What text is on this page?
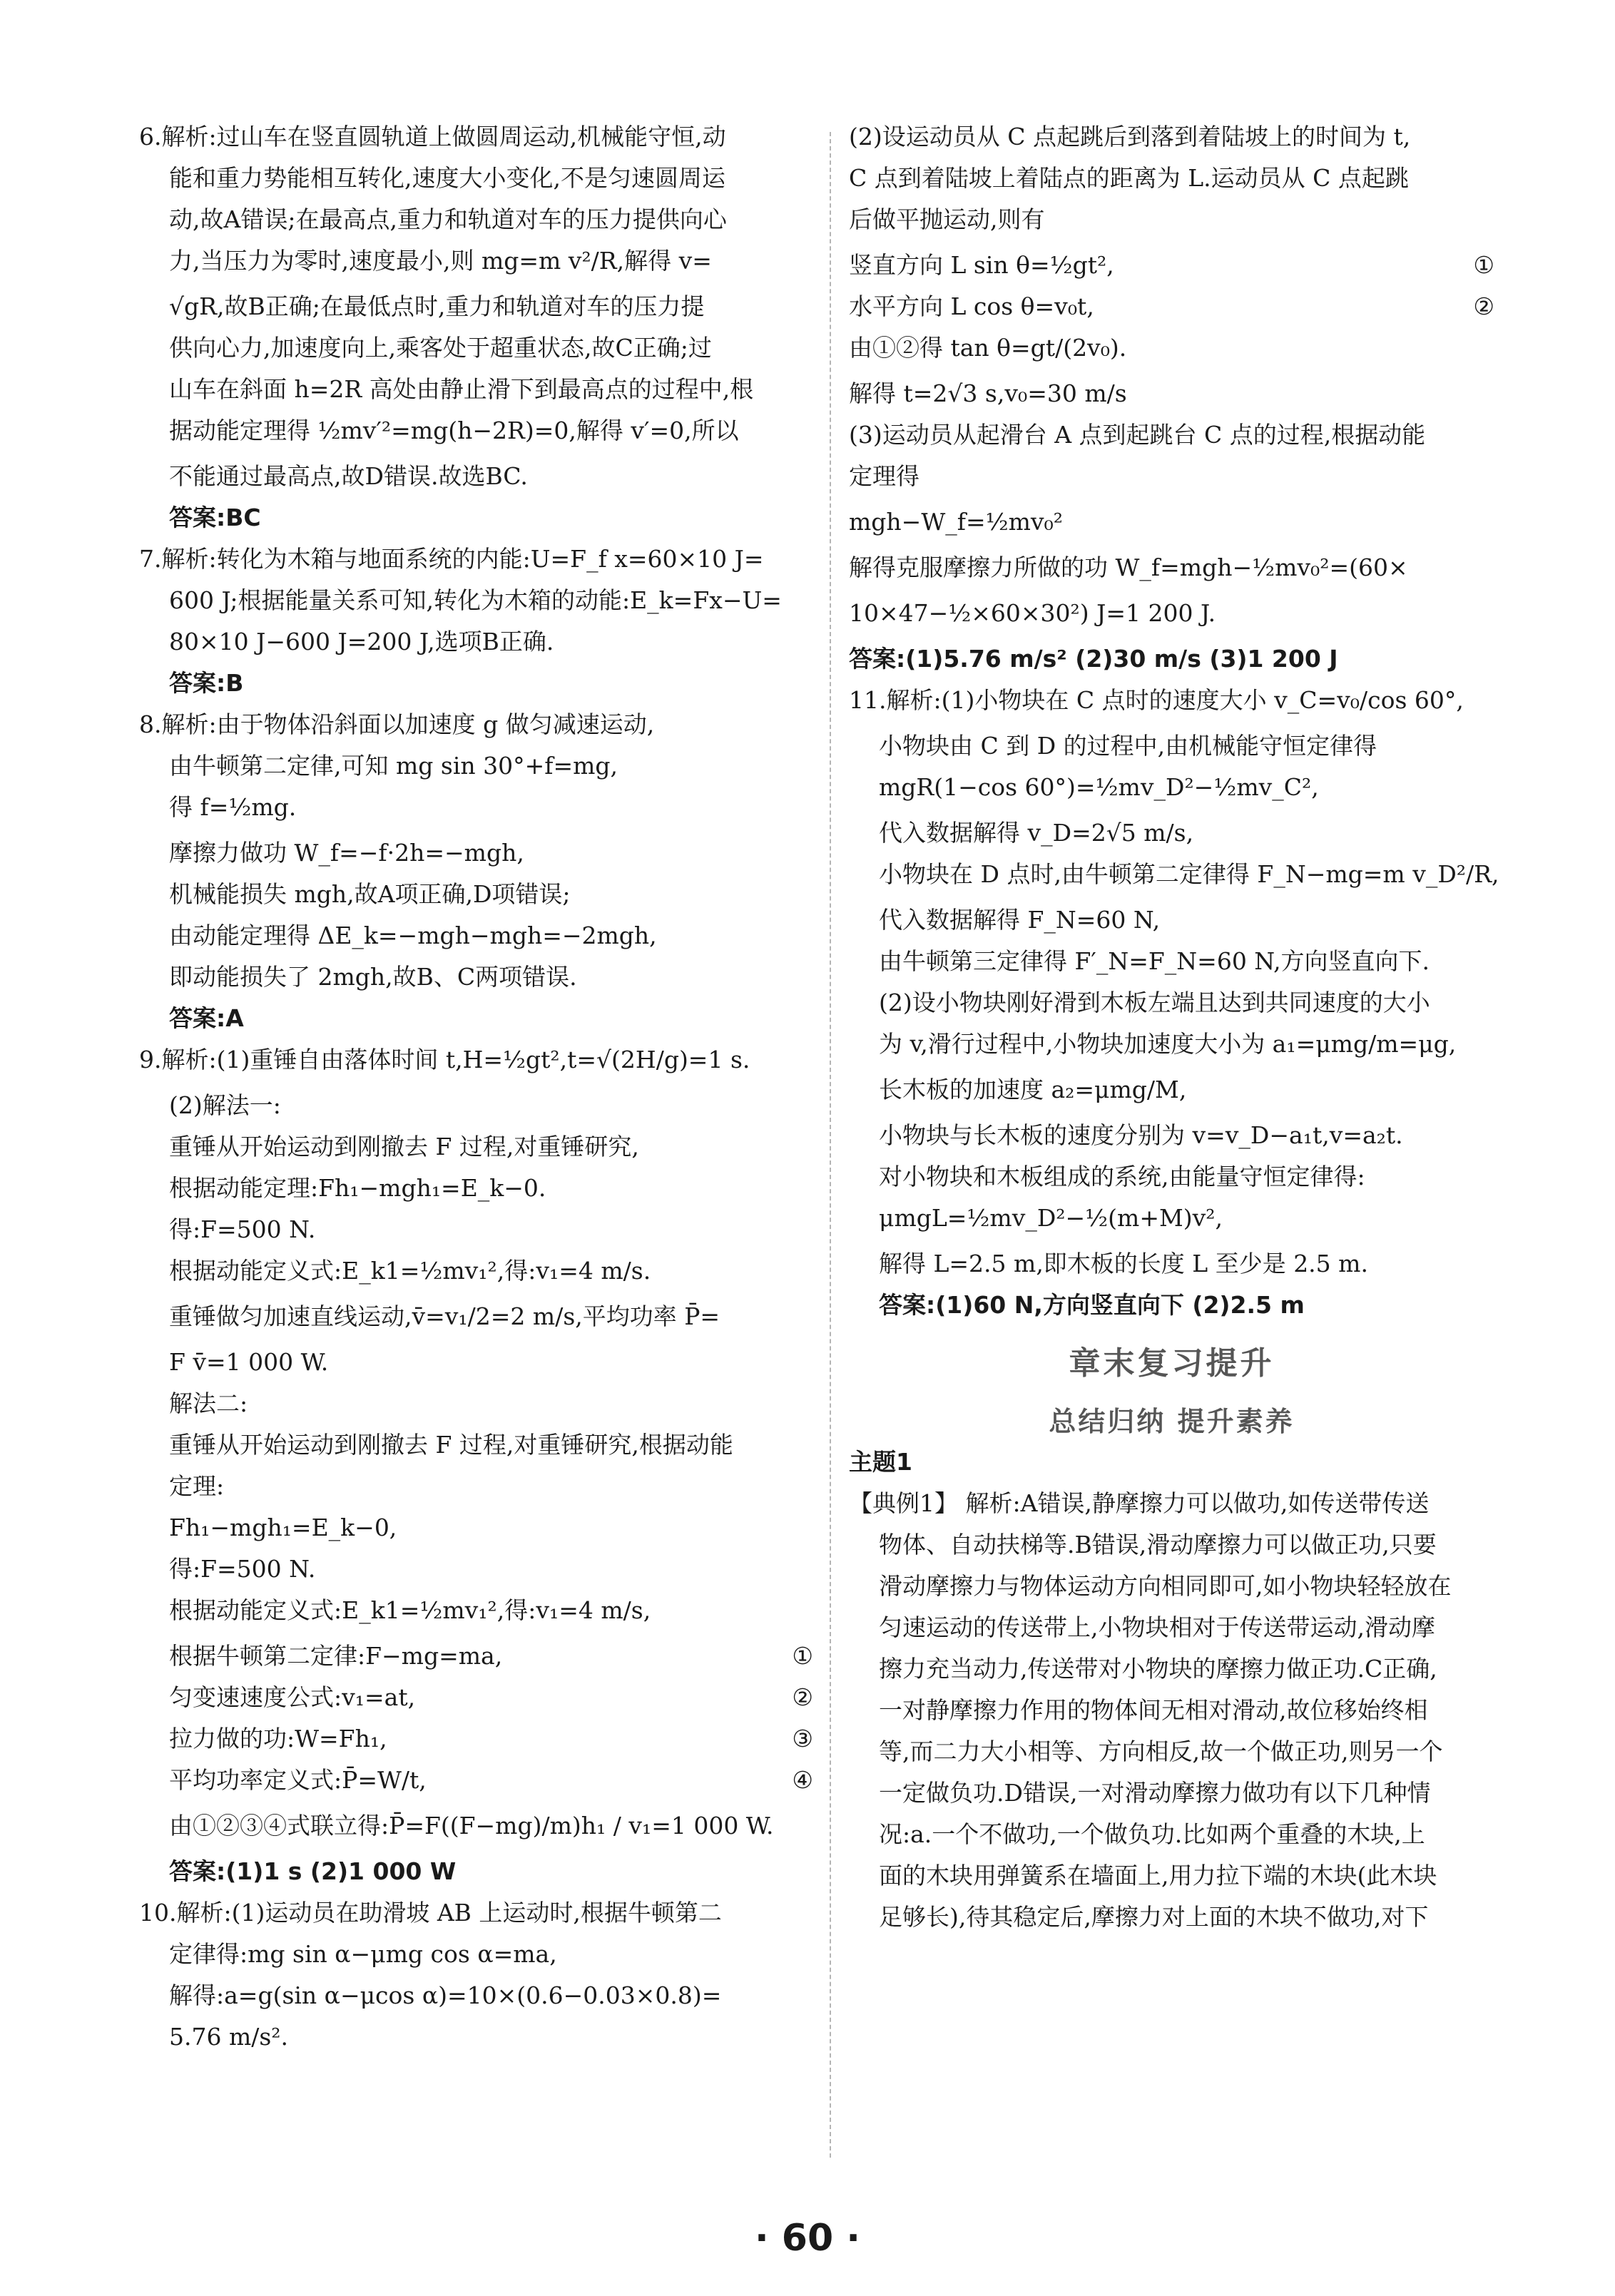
6.解析:过山车在竖直圆轨道上做圆周运动,机械能守恒,动
能和重力势能相互转化,速度大小变化,不是匀速圆周运
动,故A错误;在最高点,重力和轨道对车的压力提供向心
力,当压力为零时,速度最小,则 mg=m v²/R,解得 v=
√gR,故B正确;在最低点时,重力和轨道对车的压力提
供向心力,加速度向上,乘客处于超重状态,故C正确;过
山车在斜面 h=2R 高处由静止滑下到最高点的过程中,根
据动能定理得 ½mv′²=mg(h−2R)=0,解得 v′=0,所以
不能通过最高点,故D错误.故选BC.
答案:BC
7.解析:转化为木箱与地面系统的内能:U=F_f x=60×10 J=
600 J;根据能量关系可知,转化为木箱的动能:E_k=Fx−U=
80×10 J−600 J=200 J,选项B正确.
答案:B
8.解析:由于物体沿斜面以加速度 g 做匀减速运动,
由牛顿第二定律,可知 mg sin 30°+f=mg,
得 f=½mg.
摩擦力做功 W_f=−f·2h=−mgh,
机械能损失 mgh,故A项正确,D项错误;
由动能定理得 ΔE_k=−mgh−mgh=−2mgh,
即动能损失了 2mgh,故B、C两项错误.
答案:A
9.解析:(1)重锤自由落体时间 t,H=½gt²,t=√(2H/g)=1 s.
(2)解法一:
重锤从开始运动到刚撤去 F 过程,对重锤研究,
根据动能定理:Fh₁−mgh₁=E_k−0.
得:F=500 N.
根据动能定义式:E_k1=½mv₁²,得:v₁=4 m/s.
重锤做匀加速直线运动,v̄=v₁/2=2 m/s,平均功率 P̄=
F v̄=1 000 W.
解法二:
重锤从开始运动到刚撤去 F 过程,对重锤研究,根据动能
定理:
Fh₁−mgh₁=E_k−0,
得:F=500 N.
根据动能定义式:E_k1=½mv₁²,得:v₁=4 m/s,
根据牛顿第二定律:F−mg=ma,	①
匀变速速度公式:v₁=at,	②
拉力做的功:W=Fh₁,	③
平均功率定义式:P̄=W/t,	④
由①②③④式联立得:P̄=F((F−mg)/m)h₁ / v₁=1 000 W.
答案:(1)1 s (2)1 000 W
10.解析:(1)运动员在助滑坡 AB 上运动时,根据牛顿第二
定律得:mg sin α−μmg cos α=ma,
解得:a=g(sin α−μcos α)=10×(0.6−0.03×0.8)=
5.76 m/s².
(2)设运动员从 C 点起跳后到落到着陆坡上的时间为 t,
C 点到着陆坡上着陆点的距离为 L.运动员从 C 点起跳
后做平抛运动,则有
竖直方向 L sin θ=½gt²,	①
水平方向 L cos θ=v₀t,	②
由①②得 tan θ=gt/(2v₀).
解得 t=2√3 s,v₀=30 m/s
(3)运动员从起滑台 A 点到起跳台 C 点的过程,根据动能
定理得
mgh−W_f=½mv₀²
解得克服摩擦力所做的功 W_f=mgh−½mv₀²=(60×
10×47−½×60×30²) J=1 200 J.
答案:(1)5.76 m/s² (2)30 m/s (3)1 200 J
11.解析:(1)小物块在 C 点时的速度大小 v_C=v₀/cos 60°,
小物块由 C 到 D 的过程中,由机械能守恒定律得
mgR(1−cos 60°)=½mv_D²−½mv_C²,
代入数据解得 v_D=2√5 m/s,
小物块在 D 点时,由牛顿第二定律得 F_N−mg=m v_D²/R,
代入数据解得 F_N=60 N,
由牛顿第三定律得 F′_N=F_N=60 N,方向竖直向下.
(2)设小物块刚好滑到木板左端且达到共同速度的大小
为 v,滑行过程中,小物块加速度大小为 a₁=μmg/m=μg,
长木板的加速度 a₂=μmg/M,
小物块与长木板的速度分别为 v=v_D−a₁t,v=a₂t.
对小物块和木板组成的系统,由能量守恒定律得:
μmgL=½mv_D²−½(m+M)v²,
解得 L=2.5 m,即木板的长度 L 至少是 2.5 m.
答案:(1)60 N,方向竖直向下 (2)2.5 m
章末复习提升
总结归纳 提升素养
主题1
【典例1】 解析:A错误,静摩擦力可以做功,如传送带传送
物体、自动扶梯等.B错误,滑动摩擦力可以做正功,只要
滑动摩擦力与物体运动方向相同即可,如小物块轻轻放在
匀速运动的传送带上,小物块相对于传送带运动,滑动摩
擦力充当动力,传送带对小物块的摩擦力做正功.C正确,
一对静摩擦力作用的物体间无相对滑动,故位移始终相
等,而二力大小相等、方向相反,故一个做正功,则另一个
一定做负功.D错误,一对滑动摩擦力做功有以下几种情
况:a.一个不做功,一个做负功.比如两个重叠的木块,上
面的木块用弹簧系在墙面上,用力拉下端的木块(此木块
足够长),待其稳定后,摩擦力对上面的木块不做功,对下
· 60 ·
